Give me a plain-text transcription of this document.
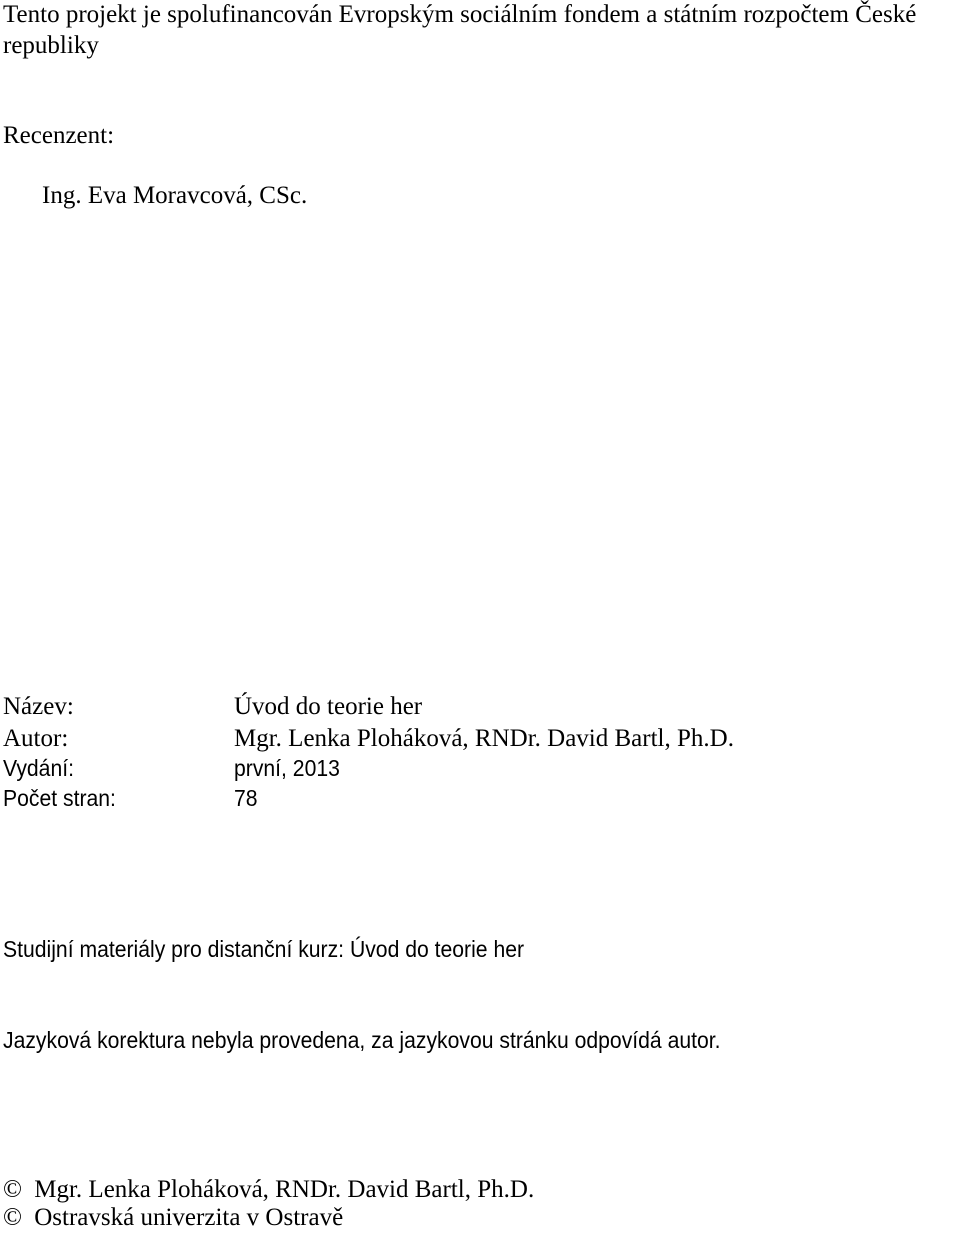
Tento projekt je spolufinancován Evropským sociálním fondem a státním rozpočtem České
republiky
Recenzent:
Ing. Eva Moravcová, CSc.
Název:	Úvod do teorie her
Autor:	Mgr. Lenka Ploháková, RNDr. David Bartl, Ph.D.
Vydání:	první, 2013
Počet stran:	78
Studijní materiály pro distanční kurz: Úvod do teorie her
Jazyková korektura nebyla provedena, za jazykovou stránku odpovídá autor.
© Mgr. Lenka Ploháková, RNDr. David Bartl, Ph.D.
© Ostravská univerzita v Ostravě
